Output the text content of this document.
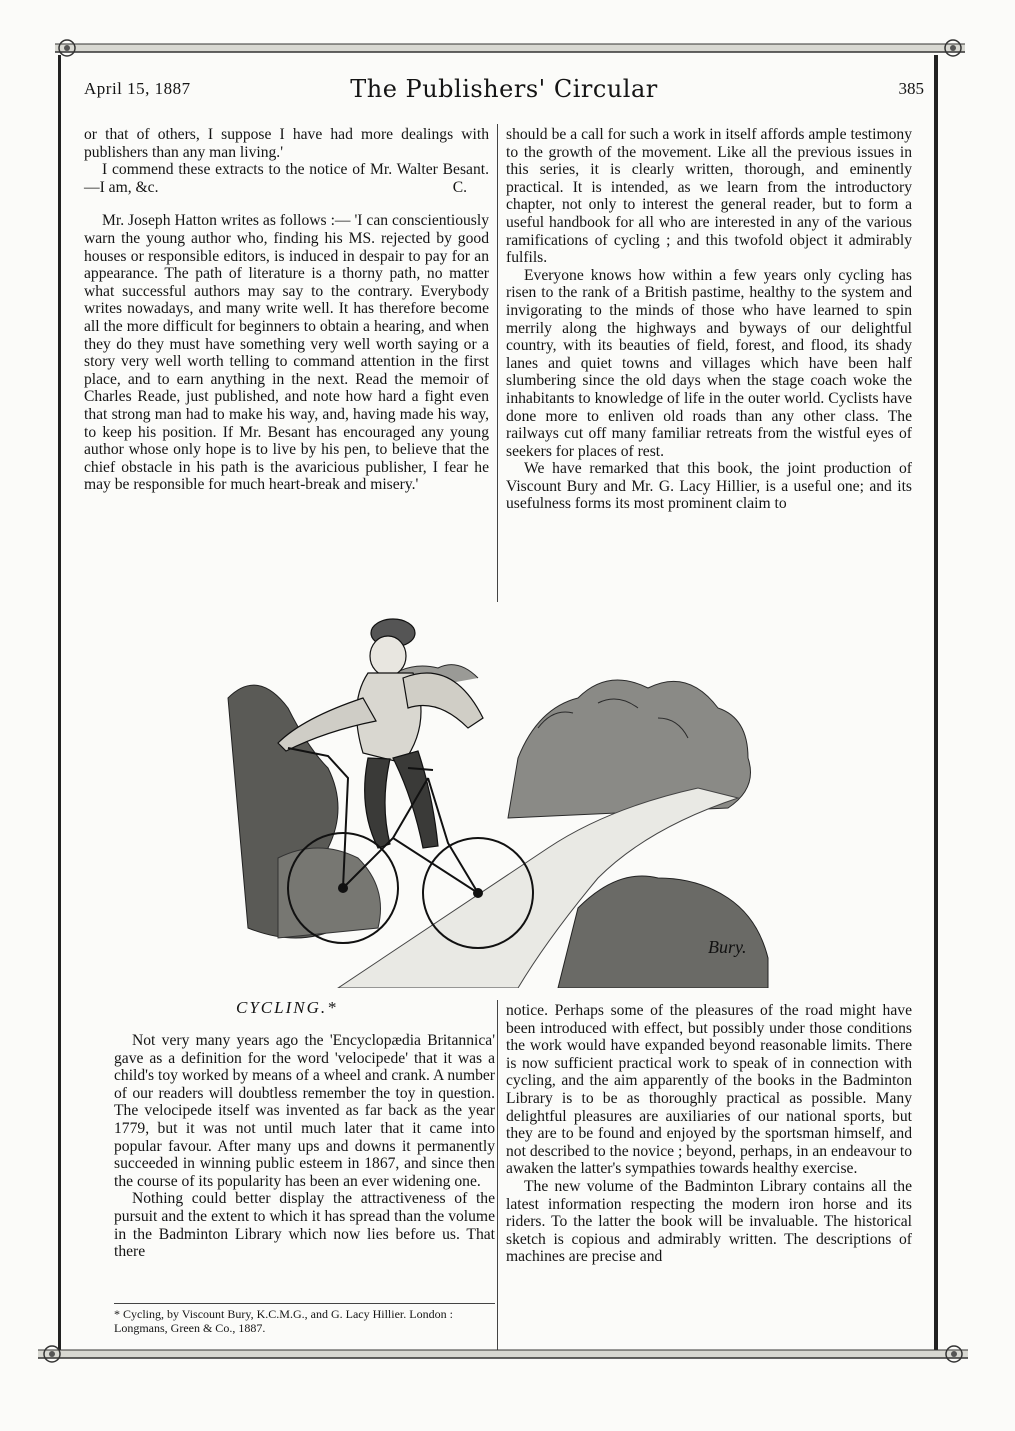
The Publishers' Circular
April 15, 1887	385

or that of others, I suppose I have had more dealings with publishers than any man living.'

I commend these extracts to the notice of Mr. Walter Besant.—I am, &c.	C.

Mr. Joseph Hatton writes as follows :— 'I can conscientiously warn the young author who, finding his MS. rejected by good houses or responsible editors, is induced in despair to pay for an appearance. The path of literature is a thorny path, no matter what successful authors may say to the contrary. Everybody writes nowadays, and many write well. It has therefore become all the more difficult for beginners to obtain a hearing, and when they do they must have something very well worth saying or a story very well worth telling to command attention in the first place, and to earn anything in the next. Read the memoir of Charles Reade, just published, and note how hard a fight even that strong man had to make his way, and, having made his way, to keep his position. If Mr. Besant has encouraged any young author whose only hope is to live by his pen, to believe that the chief obstacle in his path is the avaricious publisher, I fear he may be responsible for much heart-break and misery.'

should be a call for such a work in itself affords ample testimony to the growth of the movement. Like all the previous issues in this series, it is clearly written, thorough, and eminently practical. It is intended, as we learn from the introductory chapter, not only to interest the general reader, but to form a useful handbook for all who are interested in any of the various ramifications of cycling ; and this twofold object it admirably fulfils.

Everyone knows how within a few years only cycling has risen to the rank of a British pastime, healthy to the system and invigorating to the minds of those who have learned to spin merrily along the highways and byways of our delightful country, with its beauties of field, forest, and flood, its shady lanes and quiet towns and villages which have been half slumbering since the old days when the stage coach woke the inhabitants to knowledge of life in the outer world. Cyclists have done more to enliven old roads than any other class. The railways cut off many familiar retreats from the wistful eyes of seekers for places of rest.

We have remarked that this book, the joint production of Viscount Bury and Mr. G. Lacy Hillier, is a useful one; and its usefulness forms its most prominent claim to

Bury.
CYCLING.*

Not very many years ago the 'Encyclopædia Britannica' gave as a definition for the word 'velocipede' that it was a child's toy worked by means of a wheel and crank. A number of our readers will doubtless remember the toy in question. The velocipede itself was invented as far back as the year 1779, but it was not until much later that it came into popular favour. After many ups and downs it permanently succeeded in winning public esteem in 1867, and since then the course of its popularity has been an ever widening one.

Nothing could better display the attractiveness of the pursuit and the extent to which it has spread than the volume in the Badminton Library which now lies before us. That there

* Cycling, by Viscount Bury, K.C.M.G., and G. Lacy Hillier. London : Longmans, Green & Co., 1887.

notice. Perhaps some of the pleasures of the road might have been introduced with effect, but possibly under those conditions the work would have expanded beyond reasonable limits. There is now sufficient practical work to speak of in connection with cycling, and the aim apparently of the books in the Badminton Library is to be as thoroughly practical as possible. Many delightful pleasures are auxiliaries of our national sports, but they are to be found and enjoyed by the sportsman himself, and not described to the novice ; beyond, perhaps, in an endeavour to awaken the latter's sympathies towards healthy exercise.

The new volume of the Badminton Library contains all the latest information respecting the modern iron horse and its riders. To the latter the book will be invaluable. The historical sketch is copious and admirably written. The descriptions of machines are precise and
